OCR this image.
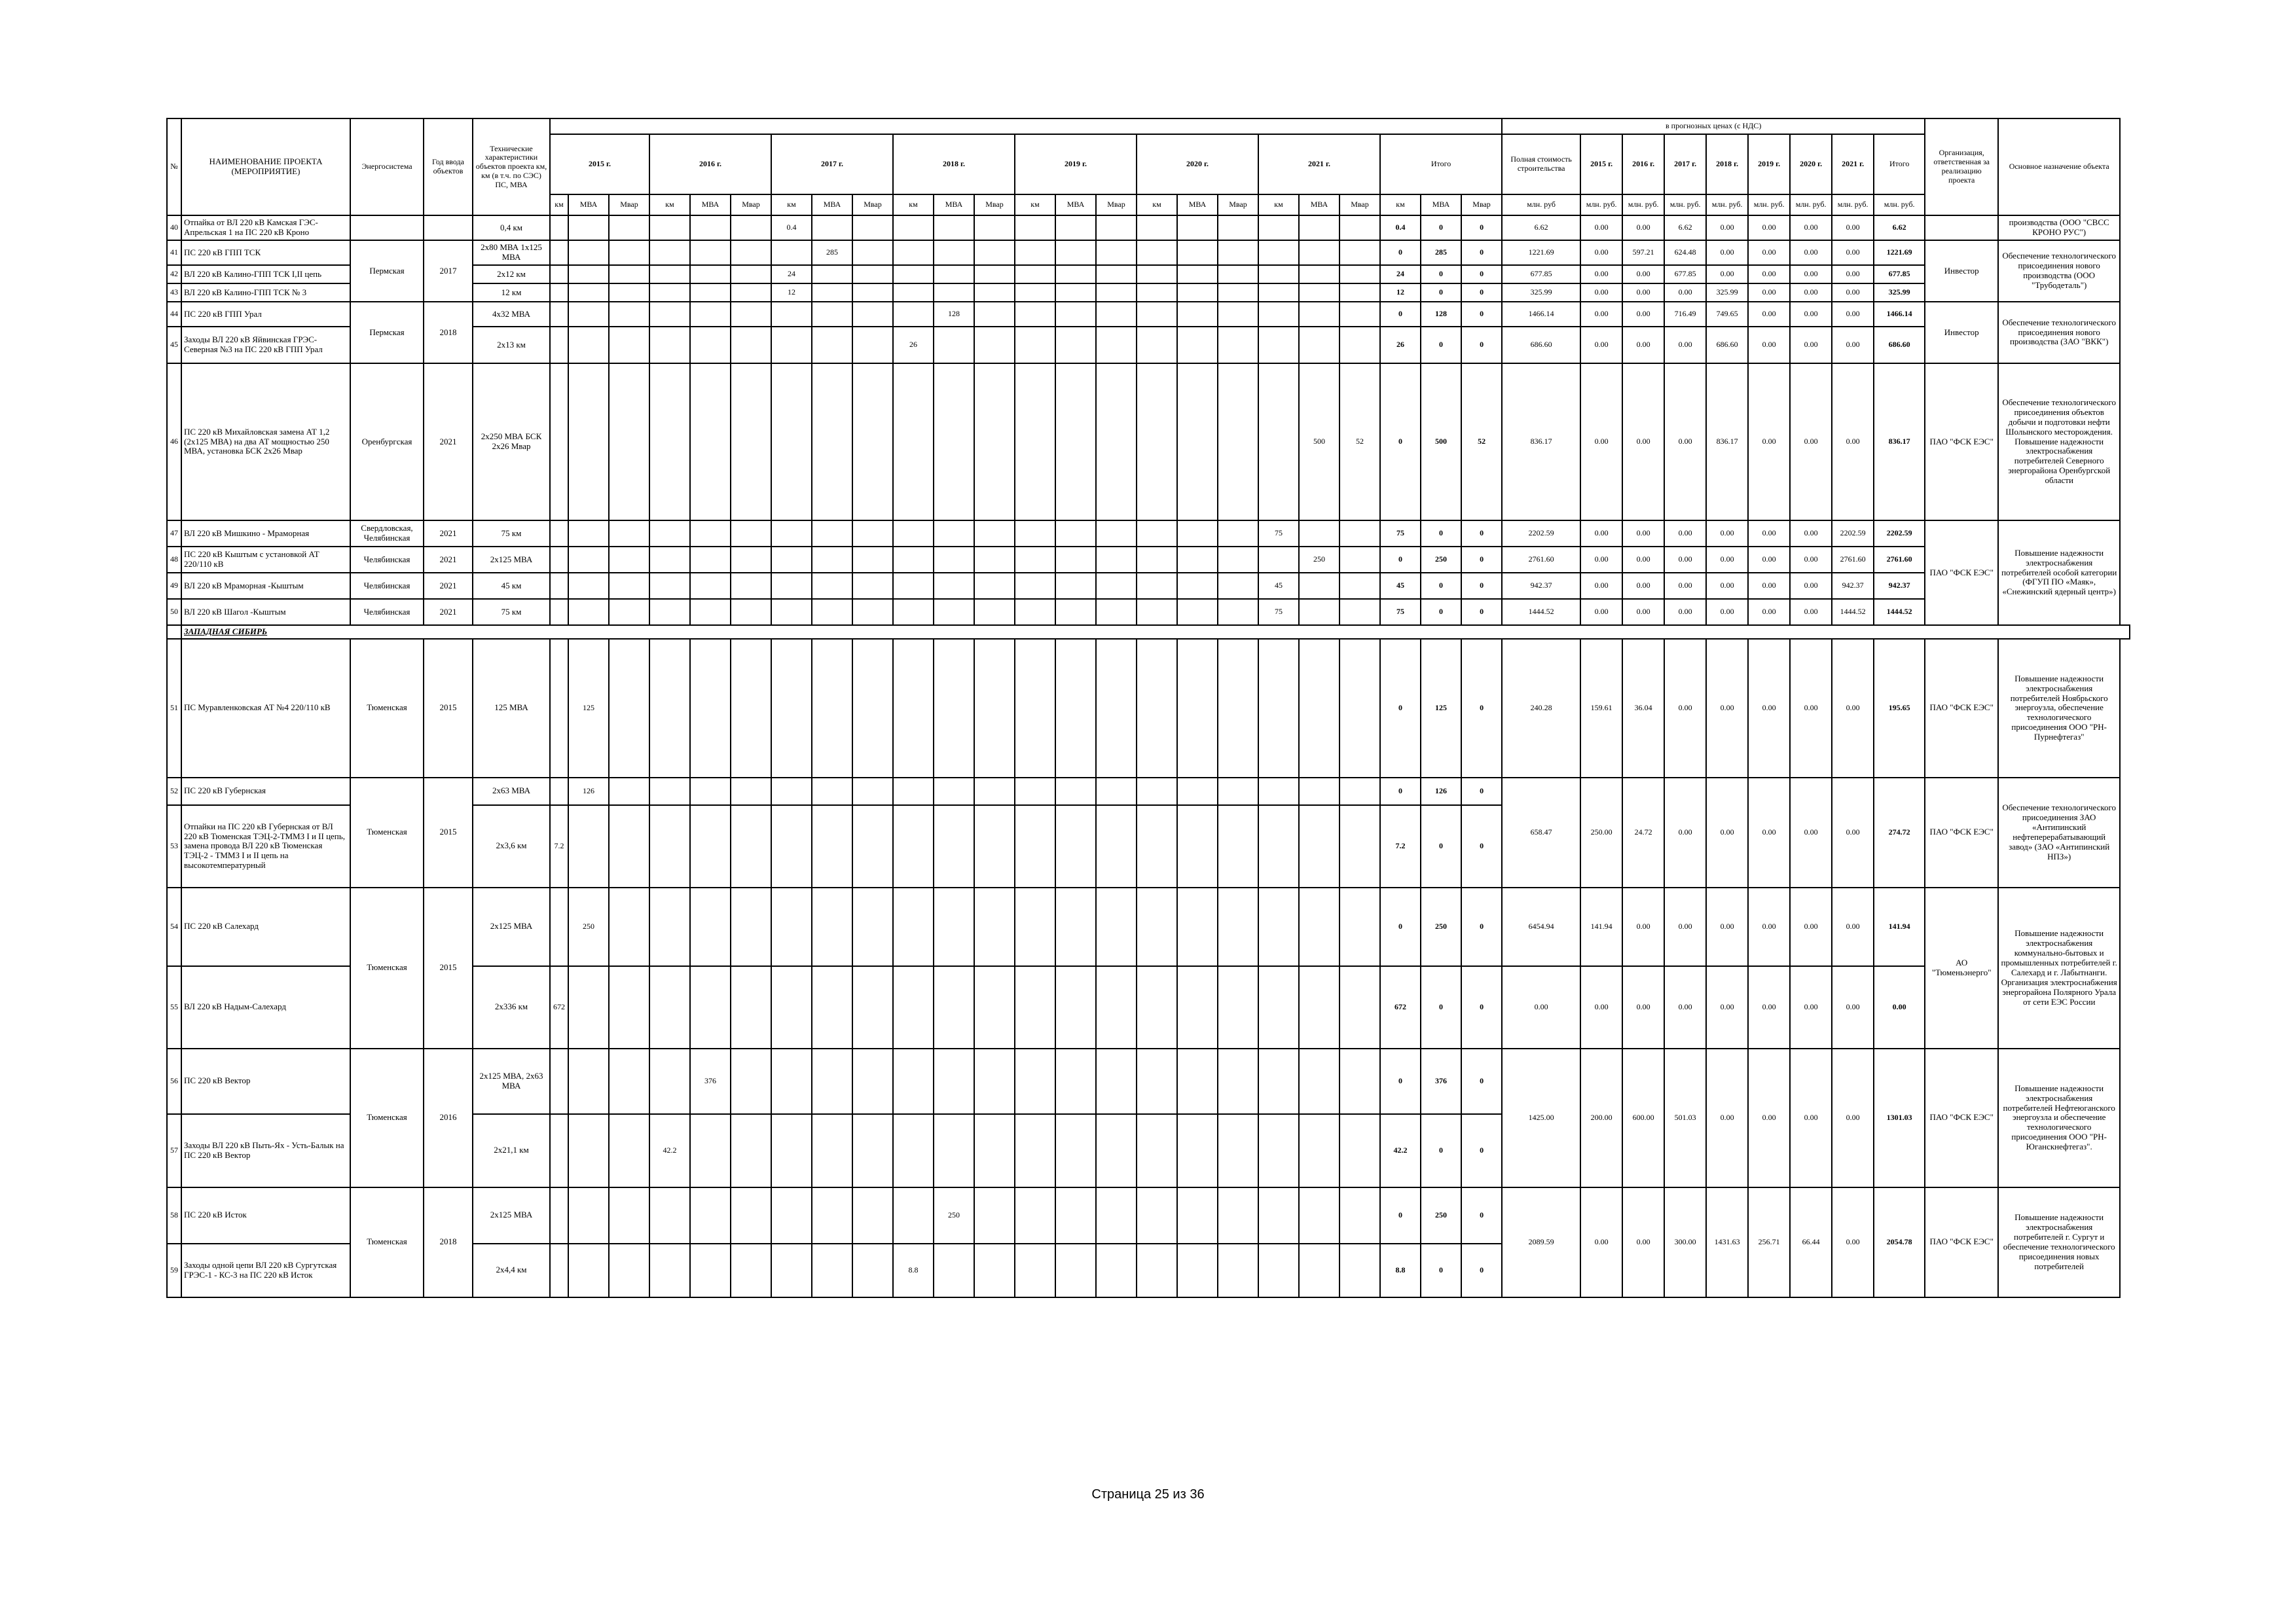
№	НАИМЕНОВАНИЕ ПРОЕКТА (МЕРОПРИЯТИЕ)	Энергосистема	Год ввода объектов	Технические характеристики объектов проекта км, км (в т.ч. по СЭС) ПС, МВА																									в прогнозных ценах (с НДС)									Организация, ответственная за реализацию проекта	Основное назначение объекта
					2015 г.			2016 г.			2017 г.			2018 г.			2019 г.			2020 г.			2021 г.			Итого			Полная стоимость строительства	2015 г.	2016 г.	2017 г.	2018 г.	2019 г.	2020 г.	2021 г.	Итого		
					км	МВА	Мвар	км	МВА	Мвар	км	МВА	Мвар	км	МВА	Мвар	км	МВА	Мвар	км	МВА	Мвар	км	МВА	Мвар	км	МВА	Мвар	млн. руб	млн. руб.	млн. руб.	млн. руб.	млн. руб.	млн. руб.	млн. руб.	млн. руб.	млн. руб.		
40	Отпайка от ВЛ 220 кВ Камская ГЭС-Апрельская 1 на ПС 220 кВ Кроно			0,4 км							0.4															0.4	0	0	6.62	0.00	0.00	6.62	0.00	0.00	0.00	0.00	6.62		производства (ООО "СВСС КРОНО РУС")
41	ПС 220 кВ ГПП ТСК	Пермская	2017	2х80 МВА 1х125 МВА								285														0	285	0	1221.69	0.00	597.21	624.48	0.00	0.00	0.00	0.00	1221.69	Инвестор	Обеспечение технологического присоединения нового производства (ООО "Трубодеталь")
42	ВЛ 220 кВ Калино-ГПП ТСК I,II цепь			2х12 км							24															24	0	0	677.85	0.00	0.00	677.85	0.00	0.00	0.00	0.00	677.85		
43	ВЛ 220 кВ Калино-ГПП ТСК № 3			12 км							12															12	0	0	325.99	0.00	0.00	0.00	325.99	0.00	0.00	0.00	325.99		
44	ПС 220 кВ ГПП Урал	Пермская	2018	4х32 МВА											128											0	128	0	1466.14	0.00	0.00	716.49	749.65	0.00	0.00	0.00	1466.14	Инвестор	Обеспечение технологического присоединения нового производства (ЗАО "ВКК")
45	Заходы ВЛ 220 кВ Яйвинская ГРЭС-Северная №3 на ПС 220 кВ ГПП Урал			2х13 км										26												26	0	0	686.60	0.00	0.00	0.00	686.60	0.00	0.00	0.00	686.60		
46	ПС 220 кВ Михайловская замена АТ 1,2 (2х125 МВА) на два АТ мощностью 250 МВА, установка БСК 2х26 Мвар	Оренбургская	2021	2х250 МВА БСК 2х26 Мвар																				500	52	0	500	52	836.17	0.00	0.00	0.00	836.17	0.00	0.00	0.00	836.17	ПАО "ФСК ЕЭС"	Обеспечение технологического присоединения объектов добычи и подготовки нефти Шолынского месторождения. Повышение надежности электроснабжения потребителей Северного энергорайона Оренбургской области
47	ВЛ 220 кВ Мишкино - Мраморная	Свердловская, Челябинская	2021	75 км																			75			75	0	0	2202.59	0.00	0.00	0.00	0.00	0.00	0.00	2202.59	2202.59	ПАО "ФСК ЕЭС"	Повышение надежности электроснабжения потребителей особой категории (ФГУП ПО «Маяк», «Снежинский ядерный центр»)
48	ПС 220 кВ Кыштым с установкой АТ 220/110 кВ	Челябинская	2021	2х125 МВА																				250		0	250	0	2761.60	0.00	0.00	0.00	0.00	0.00	0.00	2761.60	2761.60		
49	ВЛ 220 кВ Мраморная -Кыштым	Челябинская	2021	45 км																			45			45	0	0	942.37	0.00	0.00	0.00	0.00	0.00	0.00	942.37	942.37		
50	ВЛ 220 кВ Шагол -Кыштым	Челябинская	2021	75 км																			75			75	0	0	1444.52	0.00	0.00	0.00	0.00	0.00	0.00	1444.52	1444.52		
	ЗАПАДНАЯ СИБИРЬ																																						
51	ПС Муравленковская АТ №4 220/110 кВ	Тюменская	2015	125 МВА		125																				0	125	0	240.28	159.61	36.04	0.00	0.00	0.00	0.00	0.00	195.65	ПАО "ФСК ЕЭС"	Повышение надежности электроснабжения потребителей Ноябрьского энергоузла, обеспечение технологического присоединения ООО "РН-Пурнефтегаз"
52	ПС 220 кВ Губернская	Тюменская	2015	2х63 МВА		126																				0	126	0	658.47	250.00	24.72	0.00	0.00	0.00	0.00	0.00	274.72	ПАО "ФСК ЕЭС"	Обеспечение технологического присоединения ЗАО «Антипинский нефтеперерабатывающий завод» (ЗАО «Антипинский НПЗ»)
53	Отпайки на ПС 220 кВ Губернская от ВЛ 220 кВ Тюменская ТЭЦ-2-ТММЗ I и II цепь, замена провода ВЛ 220 кВ Тюменская ТЭЦ-2 - ТММЗ I и II цепь на высокотемпературный			2х3,6 км	7.2																					7.2	0	0											
54	ПС 220 кВ Салехард	Тюменская	2015	2х125 МВА		250																				0	250	0	6454.94	141.94	0.00	0.00	0.00	0.00	0.00	0.00	141.94	АО "Тюменьэнерго"	Повышение надежности электроснабжения коммунально-бытовых и промышленных потребителей г. Салехард и г. Лабытнанги. Организация электроснабжения энергорайона Полярного Урала от сети ЕЭС России
55	ВЛ 220 кВ Надым-Салехард			2х336 км	672																					672	0	0	0.00	0.00	0.00	0.00	0.00	0.00	0.00	0.00	0.00		
56	ПС 220 кВ Вектор	Тюменская	2016	2х125 МВА, 2х63 МВА					376																	0	376	0	1425.00	200.00	600.00	501.03	0.00	0.00	0.00	0.00	1301.03	ПАО "ФСК ЕЭС"	Повышение надежности электроснабжения потребителей Нефтеюганского энергоузла и обеспечение технологического присоединения ООО "РН-Юганскнефтегаз".
57	Заходы ВЛ 220 кВ Пыть-Ях - Усть-Балык на ПС 220 кВ Вектор			2х21,1 км				42.2																		42.2	0	0											
58	ПС 220 кВ Исток	Тюменская	2018	2х125 МВА											250											0	250	0	2089.59	0.00	0.00	300.00	1431.63	256.71	66.44	0.00	2054.78	ПАО "ФСК ЕЭС"	Повышение надежности электроснабжения потребителей г. Сургут и обеспечение технологического присоединения новых потребителей
59	Заходы одной цепи ВЛ 220 кВ Сургутская ГРЭС-1 - КС-3 на ПС 220 кВ Исток			2х4,4 км										8.8												8.8	0	0											
Страница 25 из 36
